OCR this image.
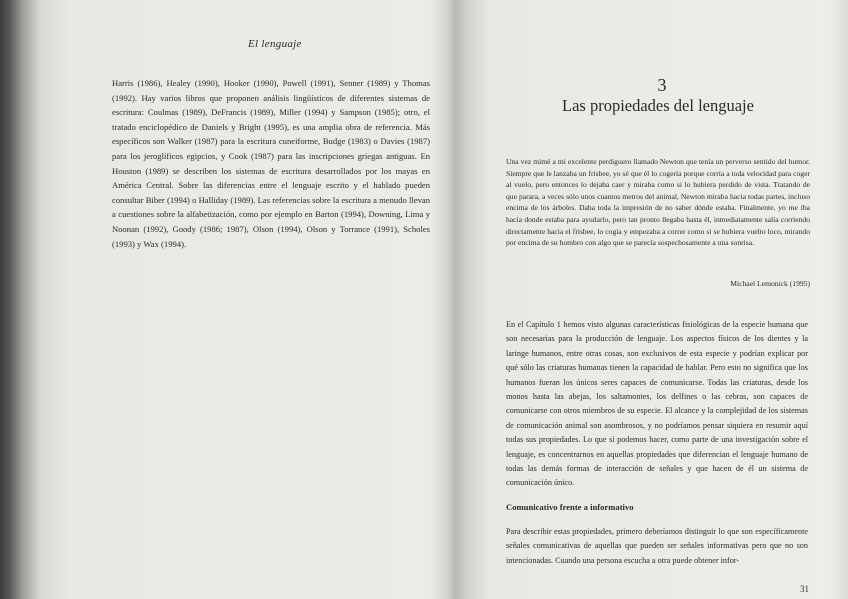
El lenguaje
Harris (1986), Healey (1990), Hooker (1990), Powell (1991), Senner (1989) y Thomas (1992). Hay varios libros que proponen análisis lingüísticos de diferentes sistemas de escritura: Coulmas (1989), DeFrancis (1989), Miller (1994) y Sampson (1985); otro, el tratado enciclopédico de Daniels y Bright (1995), es una amplia obra de referencia. Más específicos son Walker (1987) para la escritura cuneiforme, Budge (1983) o Davies (1987) para los jeroglíficos egipcios, y Cook (1987) para las inscripciones griegas antiguas. En Houston (1989) se describen los sistemas de escritura desarrollados por los mayas en América Central. Sobre las diferencias entre el lenguaje escrito y el hablado pueden consultar Biber (1994) o Halliday (1989). Las referencias sobre la escritura a menudo llevan a cuestiones sobre la alfabetización, como por ejemplo en Barton (1994), Downing, Lima y Noonan (1992), Goody (1986; 1987), Olson (1994), Olson y Torrance (1991), Scholes (1993) y Wax (1994).
3
Las propiedades del lenguaje
Una vez mimé a mi excelente perdiguero llamado Newton que tenía un perverso sentido del humor. Siempre que le lanzaba un frisbee, yo sé que él lo cogería porque corría a toda velocidad para coger al vuelo, pero entonces lo dejaba caer y miraba como si lo hubiera perdido de vista. Tratando de que parara, a veces sólo unos cuantos metros del animal, Newton miraba hacia todas partes, incluso encima de los árboles. Daba toda la impresión de no saber dónde estaba. Finalmente, yo me iba hacia donde estaba para ayudarlo, pero tan pronto llegaba hasta él, inmediatamente salía corriendo directamente hacia el frisbee, lo cogía y empezaba a correr como si se hubiera vuelto loco, mirando por encima de su hombro con algo que se parecía sospechosamente a una sonrisa.
Michael Lemonick (1995)
En el Capítulo 1 hemos visto algunas características fisiológicas de la especie humana que son necesarias para la producción de lenguaje. Los aspectos físicos de los dientes y la laringe humanos, entre otras cosas, son exclusivos de esta especie y podrían explicar por qué sólo las criaturas humanas tienen la capacidad de hablar. Pero esto no significa que los humanos fueran los únicos seres capaces de comunicarse. Todas las criaturas, desde los monos hasta las abejas, los saltamontes, los delfines o las cebras, son capaces de comunicarse con otros miembros de su especie. El alcance y la complejidad de los sistemas de comunicación animal son asombrosos, y no podríamos pensar siquiera en resumir aquí todas sus propiedades. Lo que sí podemos hacer, como parte de una investigación sobre el lenguaje, es concentrarnos en aquellas propiedades que diferencian el lenguaje humano de todas las demás formas de interacción de señales y que hacen de él un sistema de comunicación único.
Comunicativo frente a informativo
Para describir estas propiedades, primero deberíamos distinguir lo que son específicamente señales comunicativas de aquellas que pueden ser señales informativas pero que no son intencionadas. Cuando una persona escucha a otra puede obtener infor-
31
